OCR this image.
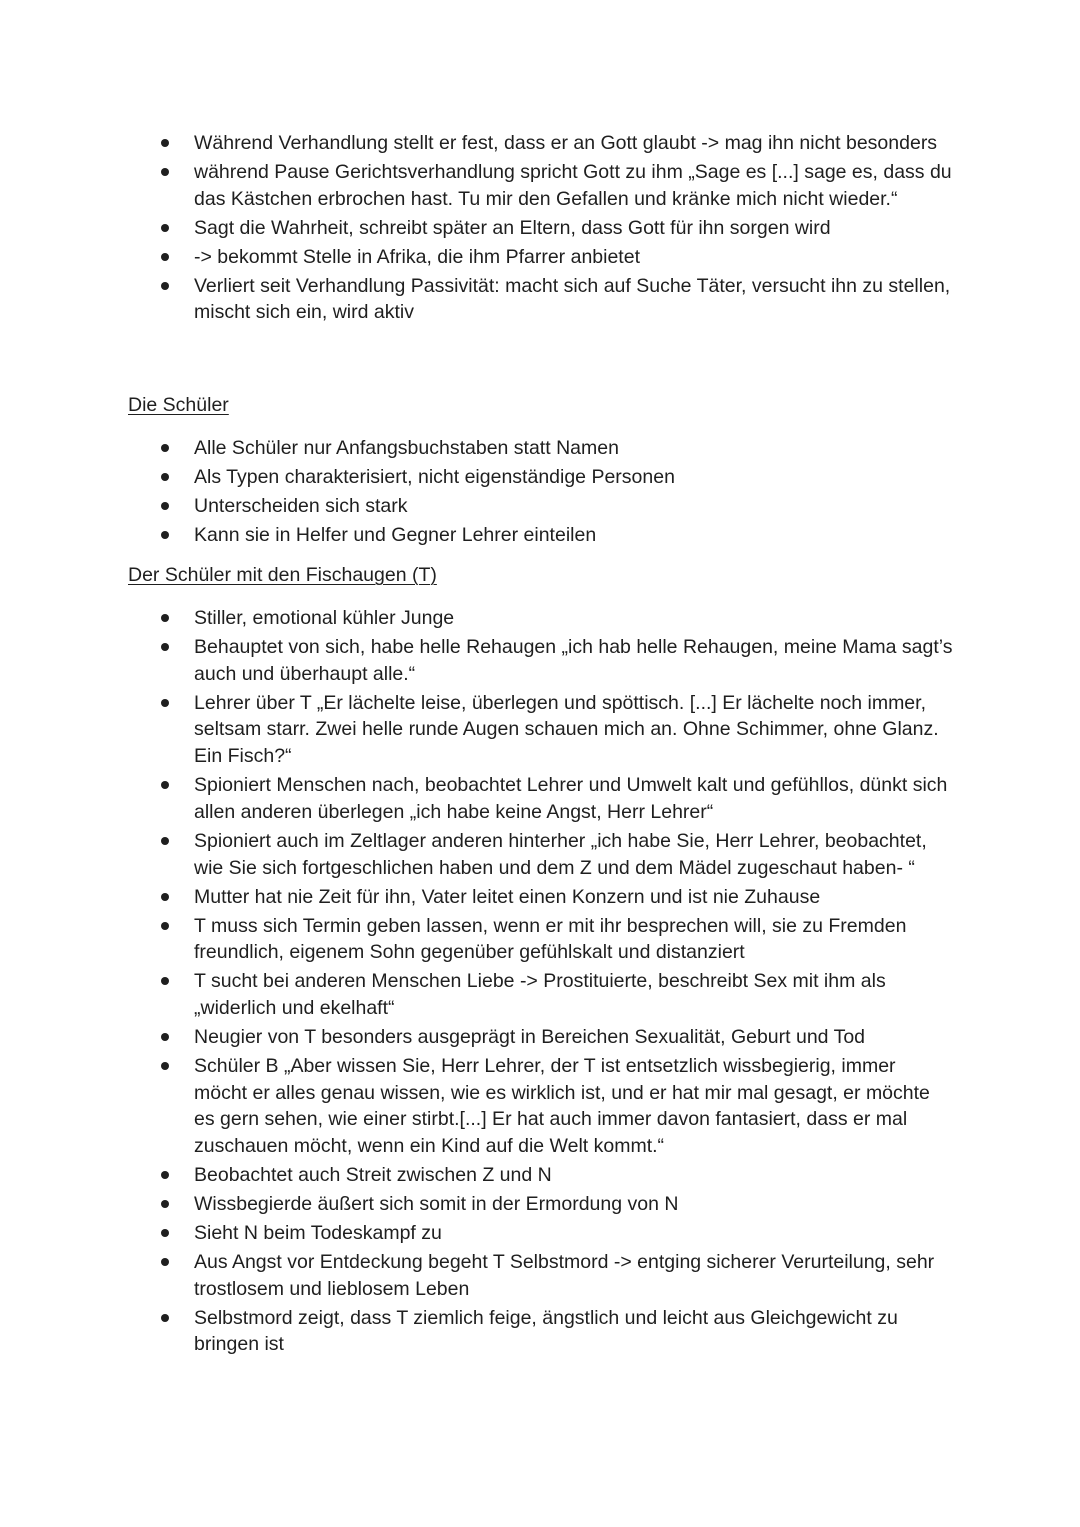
Während Verhandlung stellt er fest, dass er an Gott glaubt -> mag ihn nicht besonders
während Pause Gerichtsverhandlung spricht Gott zu ihm „Sage es [...] sage es, dass du das Kästchen erbrochen hast. Tu mir den Gefallen und kränke mich nicht wieder.“
Sagt die Wahrheit, schreibt später an Eltern, dass Gott für ihn sorgen wird
-> bekommt Stelle in Afrika, die ihm Pfarrer anbietet
Verliert seit Verhandlung Passivität: macht sich auf Suche Täter, versucht ihn zu stellen, mischt sich ein, wird aktiv
Die Schüler
Alle Schüler nur Anfangsbuchstaben statt Namen
Als Typen charakterisiert, nicht eigenständige Personen
Unterscheiden sich stark
Kann sie in Helfer und Gegner Lehrer einteilen
Der Schüler mit den Fischaugen (T)
Stiller, emotional kühler Junge
Behauptet von sich, habe helle Rehaugen „ich hab helle Rehaugen, meine Mama sagt’s auch und überhaupt alle.“
Lehrer über T „Er lächelte leise, überlegen und spöttisch. [...] Er lächelte noch immer, seltsam starr. Zwei helle runde Augen schauen mich an. Ohne Schimmer, ohne Glanz. Ein Fisch?“
Spioniert Menschen nach, beobachtet Lehrer und Umwelt kalt und gefühllos, dünkt sich allen anderen überlegen „ich habe keine Angst, Herr Lehrer“
Spioniert auch im Zeltlager anderen hinterher „ich habe Sie, Herr Lehrer, beobachtet, wie Sie sich fortgeschlichen haben und dem Z und dem Mädel zugeschaut haben- “
Mutter hat nie Zeit für ihn, Vater leitet einen Konzern und ist nie Zuhause
T muss sich Termin geben lassen, wenn er mit ihr besprechen will, sie zu Fremden freundlich, eigenem Sohn gegenüber gefühlskalt und distanziert
T sucht bei anderen Menschen Liebe -> Prostituierte, beschreibt Sex mit ihm als „widerlich und ekelhaft“
Neugier von T besonders ausgeprägt in Bereichen Sexualität, Geburt und Tod
Schüler B „Aber wissen Sie, Herr Lehrer, der T ist entsetzlich wissbegierig, immer möcht er alles genau wissen, wie es wirklich ist, und er hat mir mal gesagt, er möchte es gern sehen, wie einer stirbt.[...] Er hat auch immer davon fantasiert, dass er mal zuschauen möcht, wenn ein Kind auf die Welt kommt.“
Beobachtet auch Streit zwischen Z und N
Wissbegierde äußert sich somit in der Ermordung von N
Sieht N beim Todeskampf zu
Aus Angst vor Entdeckung begeht T Selbstmord -> entging sicherer Verurteilung, sehr trostlosem und lieblosem Leben
Selbstmord zeigt, dass T ziemlich feige, ängstlich und leicht aus Gleichgewicht zu bringen ist
